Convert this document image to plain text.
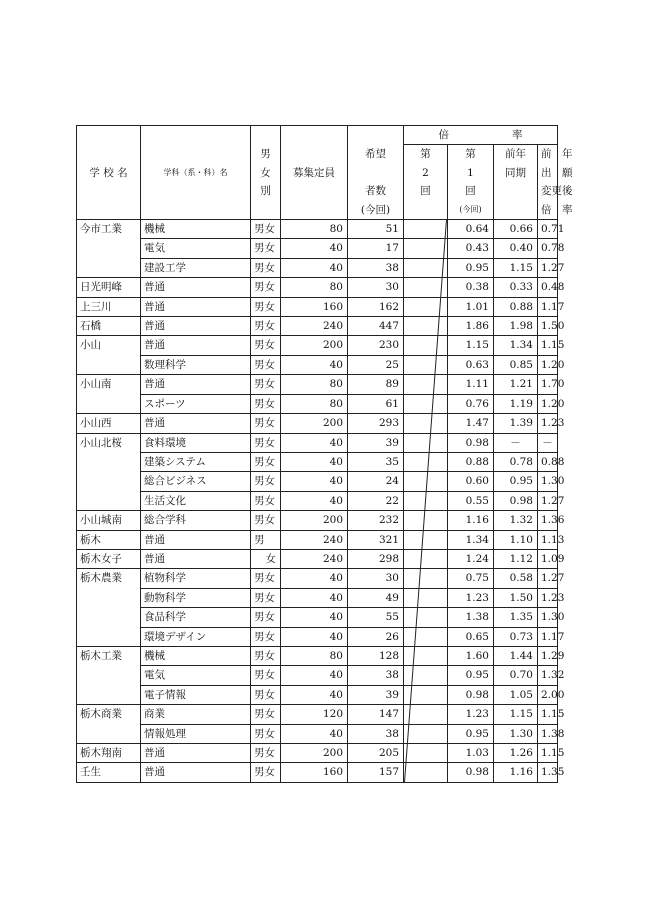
					倍　　　　　　率			
		男		希望	第	第	前年	前　年
学 校 名	学科（系・科）名	女	募集定員		2	1	同期	出　願
		別		者数	回	回		変更後
				(今回)		(今回)		倍　率
今市工業	機械	男女	80	51		0.64	0.66	0.71
	電気	男女	40	17		0.43	0.40	0.78
	建設工学	男女	40	38		0.95	1.15	1.27
日光明峰	普通	男女	80	30		0.38	0.33	0.48
上三川	普通	男女	160	162		1.01	0.88	1.17
石橋	普通	男女	240	447		1.86	1.98	1.50
小山	普通	男女	200	230		1.15	1.34	1.15
	数理科学	男女	40	25		0.63	0.85	1.20
小山南	普通	男女	80	89		1.11	1.21	1.70
	スポーツ	男女	80	61		0.76	1.19	1.20
小山西	普通	男女	200	293		1.47	1.39	1.23
小山北桜	食料環境	男女	40	39		0.98	－	－
	建築システム	男女	40	35		0.88	0.78	0.88
	総合ビジネス	男女	40	24		0.60	0.95	1.30
	生活文化	男女	40	22		0.55	0.98	1.27
小山城南	総合学科	男女	200	232		1.16	1.32	1.36
栃木	普通	男	240	321		1.34	1.10	1.13
栃木女子	普通	女	240	298		1.24	1.12	1.09
栃木農業	植物科学	男女	40	30		0.75	0.58	1.27
	動物科学	男女	40	49		1.23	1.50	1.23
	食品科学	男女	40	55		1.38	1.35	1.30
	環境デザイン	男女	40	26		0.65	0.73	1.17
栃木工業	機械	男女	80	128		1.60	1.44	1.29
	電気	男女	40	38		0.95	0.70	1.32
	電子情報	男女	40	39		0.98	1.05	2.00
栃木商業	商業	男女	120	147		1.23	1.15	1.15
	情報処理	男女	40	38		0.95	1.30	1.38
栃木翔南	普通	男女	200	205		1.03	1.26	1.15
壬生	普通	男女	160	157		0.98	1.16	1.35
